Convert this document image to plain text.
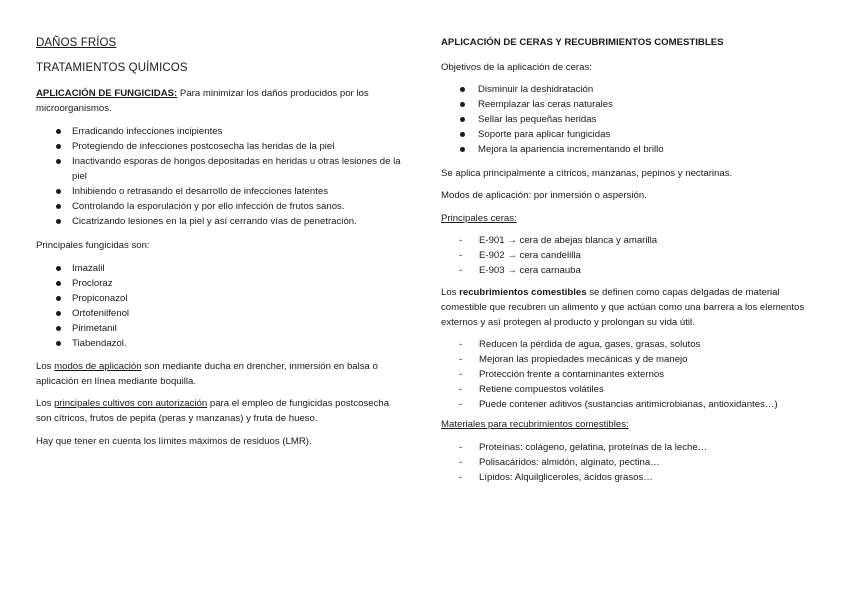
DAÑOS FRÍOS
TRATAMIENTOS QUÍMICOS

APLICACIÓN DE FUNGICIDAS: Para minimizar los daños producidos por los microorganismos.

Erradicando infecciones incipientes
Protegiendo de infecciones postcosecha las heridas de la piel
Inactivando esporas de hongos depositadas en heridas u otras lesiones de la piel
Inhibiendo o retrasando el desarrollo de infecciones latentes
Controlando la esporulación y por ello infección de frutos sanos.
Cicatrizando lesiones en la piel y así cerrando vías de penetración.

Principales fungicidas son:

Imazalil
Procloraz
Propiconazol
Ortofenilfenol
Pirimetanil
Tiabendazol.

Los modos de aplicación son mediante ducha en drencher, inmersión en balsa o aplicación en línea mediante boquilla.

Los principales cultivos con autorización para el empleo de fungicidas postcosecha son cítricos, frutos de pepita (peras y manzanas) y fruta de hueso.

Hay que tener en cuenta los límites máximos de residuos (LMR).

APLICACIÓN DE CERAS Y RECUBRIMIENTOS COMESTIBLES

Objetivos de la aplicación de ceras:

Disminuir la deshidratación
Reemplazar las ceras naturales
Sellar las pequeñas heridas
Soporte para aplicar fungicidas
Mejora la apariencia incrementando el brillo

Se aplica principalmente a cítricos, manzanas, pepinos y nectarinas.

Modos de aplicación: por inmersión o aspersión.

Principales ceras:

- E-901 → cera de abejas blanca y amarilla
- E-902 → cera candelilla
- E-903 → cera carnauba

Los recubrimientos comestibles se definen como capas delgadas de material comestible que recubren un alimento y que actúan como una barrera a los elementos externos y así protegen al producto y prolongan su vida útil.

- Reducen la pérdida de agua, gases, grasas, solutos
- Mejoran las propiedades mecánicas y de manejo
- Protección frente a contaminantes externos
- Retiene compuestos volátiles
- Puede contener aditivos (sustancias antimicrobianas, antioxidantes…)

Materiales para recubrimientos comestibles:

- Proteínas: colágeno, gelatina, proteínas de la leche…
- Polisacáridos: almidón, alginato, pectina…
- Lípidos: Alquilgliceroles, ácidos grasos…
